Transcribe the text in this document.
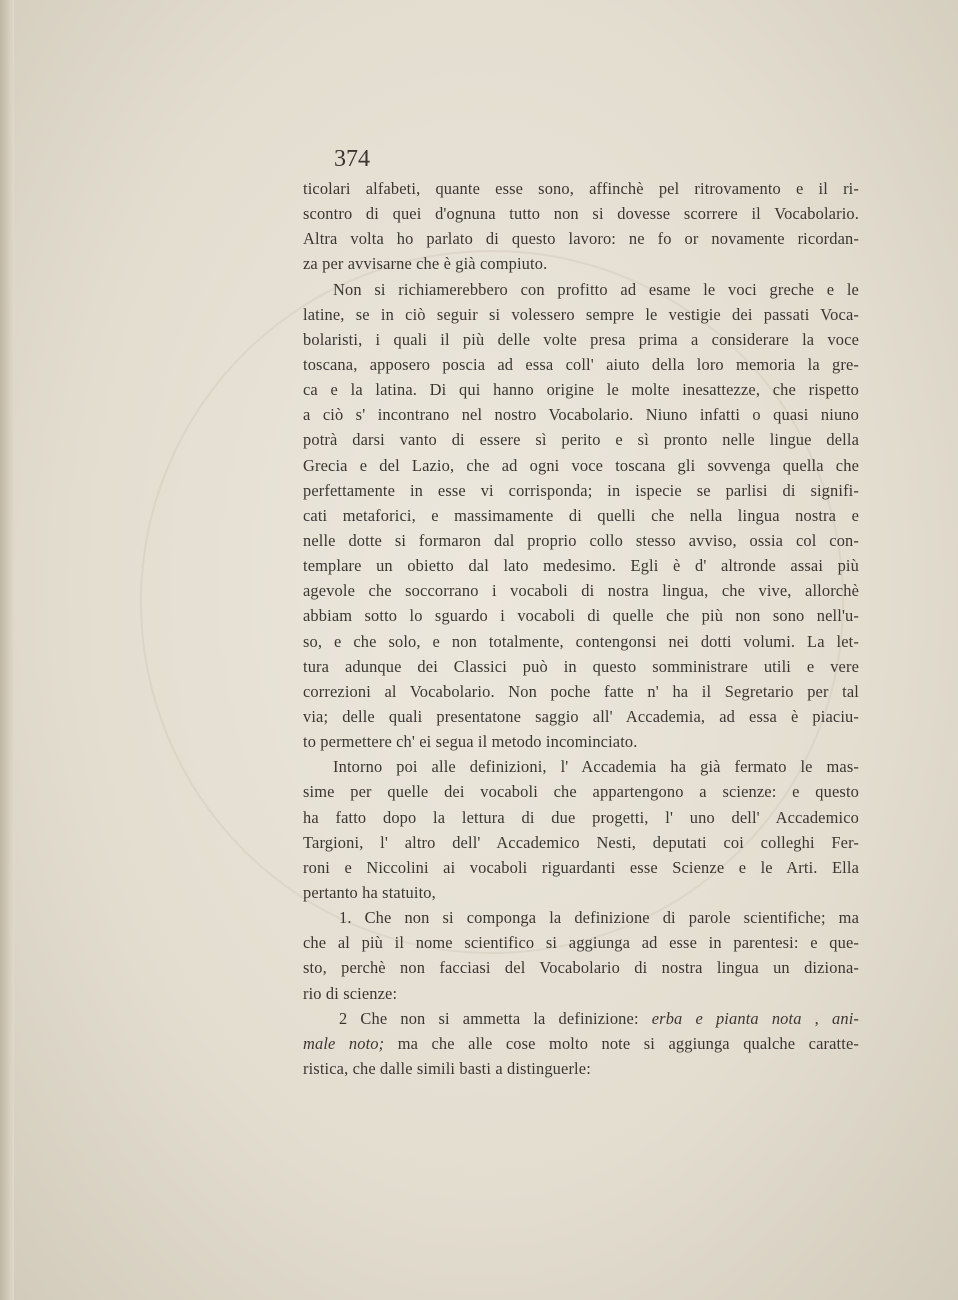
374
ticolari alfabeti, quante esse sono, affinchè pel ritrovamento e il ri-
scontro di quei d'ognuna tutto non si dovesse scorrere il Vocabolario.
Altra volta ho parlato di questo lavoro: ne fo or novamente ricordan-
za per avvisarne che è già compiuto.
Non si richiamerebbero con profitto ad esame le voci greche e le
latine, se in ciò seguir si volessero sempre le vestigie dei passati Voca-
bolaristi, i quali il più delle volte presa prima a considerare la voce
toscana, apposero poscia ad essa coll' aiuto della loro memoria la gre-
ca e la latina. Di qui hanno origine le molte inesattezze, che rispetto
a ciò s' incontrano nel nostro Vocabolario. Niuno infatti o quasi niuno
potrà darsi vanto di essere sì perito e sì pronto nelle lingue della
Grecia e del Lazio, che ad ogni voce toscana gli sovvenga quella che
perfettamente in esse vi corrisponda; in ispecie se parlisi di signifi-
cati metaforici, e massimamente di quelli che nella lingua nostra e
nelle dotte si formaron dal proprio collo stesso avviso, ossia col con-
templare un obietto dal lato medesimo. Egli è d' altronde assai più
agevole che soccorrano i vocaboli di nostra lingua, che vive, allorchè
abbiam sotto lo sguardo i vocaboli di quelle che più non sono nell'u-
so, e che solo, e non totalmente, contengonsi nei dotti volumi. La let-
tura adunque dei Classici può in questo somministrare utili e vere
correzioni al Vocabolario. Non poche fatte n' ha il Segretario per tal
via; delle quali presentatone saggio all' Accademia, ad essa è piaciu-
to permettere ch' ei segua il metodo incominciato.
Intorno poi alle definizioni, l' Accademia ha già fermato le mas-
sime per quelle dei vocaboli che appartengono a scienze: e questo
ha fatto dopo la lettura di due progetti, l' uno dell' Accademico
Targioni, l' altro dell' Accademico Nesti, deputati coi colleghi Fer-
roni e Niccolini ai vocaboli riguardanti esse Scienze e le Arti. Ella
pertanto ha statuito,
1. Che non si componga la definizione di parole scientifiche; ma
che al più il nome scientifico si aggiunga ad esse in parentesi: e que-
sto, perchè non facciasi del Vocabolario di nostra lingua un diziona-
rio di scienze:
2 Che non si ammetta la definizione: erba e pianta nota , ani-
male noto; ma che alle cose molto note si aggiunga qualche caratte-
ristica, che dalle simili basti a distinguerle:
